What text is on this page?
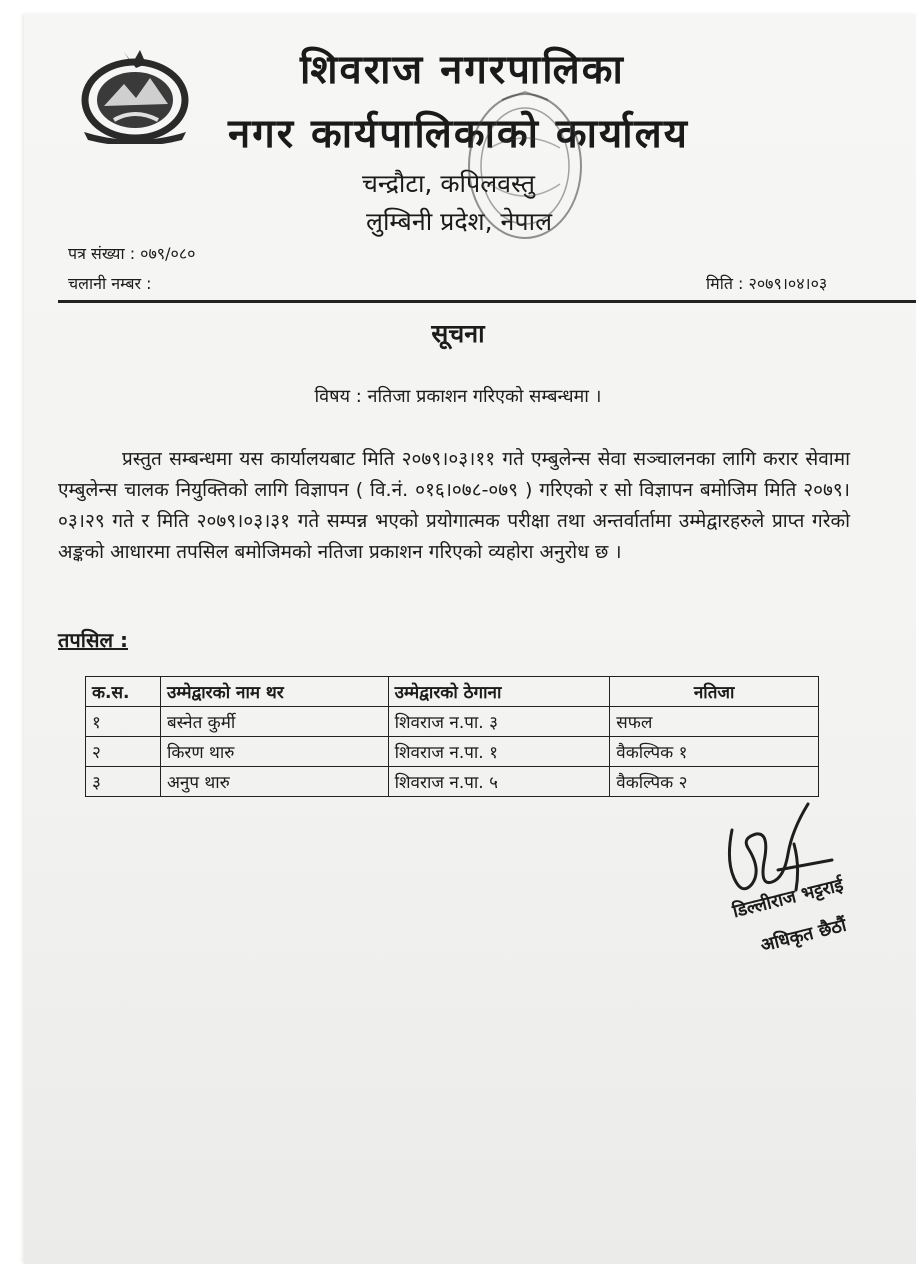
शिवराज नगरपालिका
नगर कार्यपालिकाको कार्यालय
चन्द्रौटा, कपिलवस्तु
लुम्बिनी प्रदेश, नेपाल
पत्र संख्या : ०७९/०८०
चलानी नम्बर :	मिति : २०७९।०४।०३
सूचना
विषय : नतिजा प्रकाशन गरिएको सम्बन्धमा ।
प्रस्तुत सम्बन्धमा यस कार्यालयबाट मिति २०७९।०३।११ गते एम्बुलेन्स सेवा सञ्चालनका लागि करार सेवामा एम्बुलेन्स चालक नियुक्तिको लागि विज्ञापन ( वि.नं. ०१६।०७८-०७९ ) गरिएको र सो विज्ञापन बमोजिम मिति २०७९।०३।२९ गते र मिति २०७९।०३।३१ गते सम्पन्न भएको प्रयोगात्मक परीक्षा तथा अन्तर्वार्तामा उम्मेद्वारहरुले प्राप्त गरेको अङ्कको आधारमा तपसिल बमोजिमको नतिजा प्रकाशन गरिएको व्यहोरा अनुरोध छ ।
तपसिल :
क.स.	उम्मेद्वारको नाम थर	उम्मेद्वारको ठेगाना	नतिजा
१	बस्नेत कुर्मी	शिवराज न.पा. ३	सफल
२	किरण थारु	शिवराज न.पा. १	वैकल्पिक १
३	अनुप थारु	शिवराज न.पा. ५	वैकल्पिक २
डिल्लीराज भट्टराई
अधिकृत छैठौं
